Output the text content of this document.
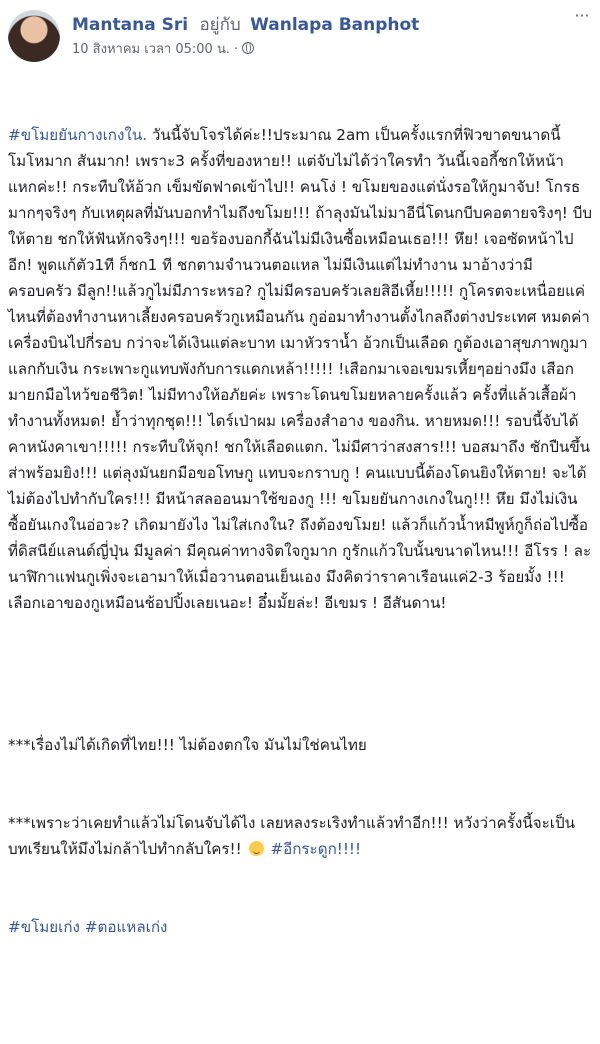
Mantana Sri อยู่กับ Wanlapa Banphot
10 สิงหาคม เวลา 05:00 น. ·
···

#ขโมยยันกางเกงใน. วันนี้จับโจรได้ค่ะ!!ประมาณ 2am เป็นครั้งแรกที่ฟิวขาดขนาดนี้ โมโหมาก สันมาก! เพราะ3 ครั้งที่ของหาย!! แต่จับไม่ได้ว่าใครทำ วันนี้เจอกี้ชกให้หน้าแหกค่ะ!! กระทืบให้อ้วก เข็มขัดฟาดเข้าไป!! คนโง่ ! ขโมยของแต่นั่งรอให้กูมาจับ! โกรธมากๆจริงๆ กับเหตุผลที่มันบอกทำไมถึงขโมย!!! ถ้าลุงมันไม่มาอีนี่โดนกบีบคอตายจริงๆ! บีบให้ตาย ชกให้ฟันหักจริงๆ!!! ขอร้องบอกกี้ฉันไม่มีเงินซื้อเหมือนเธอ!!! หึย! เจอซัดหน้าไปอีก! พูดแก้ตัว1ที ก็ชก1 ที ชกตามจำนวนตอแหล ไม่มีเงินแต่ไม่ทำงาน มาอ้างว่ามีครอบครัว มีลูก!!แล้วกูไม่มีภาระหรอ? กูไม่มีครอบครัวเลยสิอีเหี้ย!!!!! กูโครตจะเหนื่อยแค่ไหนที่ต้องทำงานหาเลี้ยงครอบครัวกูเหมือนกัน กูอ่อมาทำงานตั้งไกลถึงต่างประเทศ หมดค่าเครื่องบินไปกี่รอบ กว่าจะได้เงินแต่ละบาท เมาหัวราน้ำ อ้วกเป็นเลือด กูต้องเอาสุขภาพกูมาแลกกับเงิน กระเพาะกูแทบพังกับการแดกเหล้า!!!!! !เสือกมาเจอเขมรเหี้ยๆอย่างมึง เสือกมายกมือไหว้ขอชีวิต! ไม่มีทางให้อภัยค่ะ เพราะโดนขโมยหลายครั้งแล้ว ครั้งที่แล้วเสื้อผ้าทำงานทั้งหมด! ย้ำว่าทุกชุด!!! ไดร์เป่าผม เครื่องสำอาง ของกิน. หายหมด!!! รอบนี้จับได้คาหนังคาเขา!!!!! กระทืบให้จุก! ชกให้เลือดแตก. ไม่มีศาว่าสงสาร!!! บอสมาถึง ชักปืนขึ้นส่าพร้อมยิง!!! แต่ลุงมันยกมือขอโทษกู แทบจะกราบกู ! คนแบบนี้ต้องโดนยิงให้ตาย! จะได้ไม่ต้องไปทำกับใคร!!! มีหน้าสลออนมาใช้ของกู !!! ขโมยยันกางเกงในกู!!! หึย มึงไม่เงินซื้อยันเกงในอ่อวะ? เกิดมายังไง ไม่ใส่เกงใน? ถึงต้องขโมย! แล้วก็แก้วน้ำหมีพูห์กูก็ถ่อไปซื้อที่ดิสนีย์แลนด์ญี่ปุ่น มีมูลค่า มีคุณค่าทางจิตใจกูมาก กูรักแก้วใบนั้นขนาดไหน!!! อีโรร ! ละนาฬิกาแฟนกูเพิ่งจะเอามาให้เมื่อวานตอนเย็นเอง มึงคิดว่าราคาเรือนแค่2-3 ร้อยมั้ง !!! เลือกเอาของกูเหมือนช้อปปิ้งเลยเนอะ! อึ๋มมั้ยล่ะ! อีเขมร ! อีสันดาน!

***เรื่องไม่ได้เกิดที่ไทย!!! ไม่ต้องตกใจ มันไม่ใช่คนไทย

***เพราะว่าเคยทำแล้วไม่โดนจับได้ไง เลยหลงระเริงทำแล้วทำอีก!!! หวังว่าครั้งนี้จะเป็นบทเรียนให้มึงไม่กล้าไปทำกลับใคร!!  #อีกระดูก!!!!

#ขโมยเก่ง #ตอแหลเก่ง
